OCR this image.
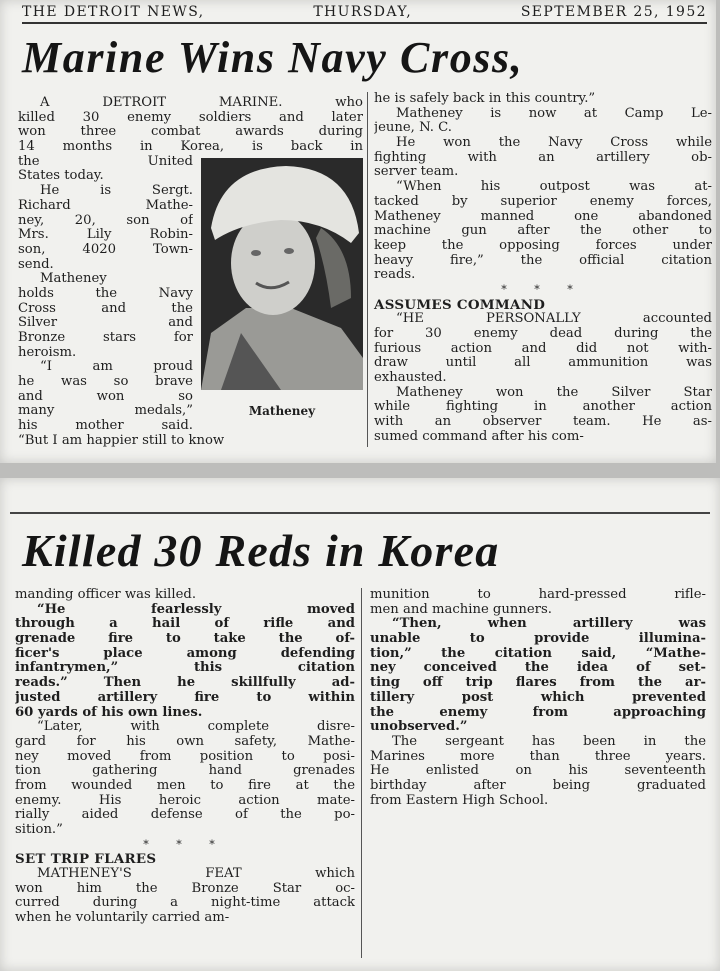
THE DETROIT NEWS,	THURSDAY,	SEPTEMBER 25, 1952
Marine Wins Navy Cross,
A DETROIT MARINE. who
killed 30 enemy soldiers and later
won three combat awards during
14 months in Korea, is back in
Matheney
the United
States today.
He is Sergt.
Richard Mathe-
ney, 20, son of
Mrs. Lily Robin-
son, 4020 Town-
send.
Matheney
holds the Navy
Cross and the
Silver and
Bronze stars for
heroism.
“I am proud
he was so brave
and won so
many medals,”
his mother said.
“But I am happier still to know
he is safely back in this country.”
Matheney is now at Camp Le-
jeune, N. C.
He won the Navy Cross while
fighting with an artillery ob-
server team.
“When his outpost was at-
tacked by superior enemy forces,
Matheney manned one abandoned
machine gun after the other to
keep the opposing forces under
heavy fire,” the official citation
reads.
* * *
ASSUMES COMMAND
“HE PERSONALLY accounted
for 30 enemy dead during the
furious action and did not with-
draw until all ammunition was
exhausted.
Matheney won the Silver Star
while fighting in another action
with an observer team. He as-
sumed command after his com-
Killed 30 Reds in Korea
manding officer was killed.
“He fearlessly moved
through a hail of rifle and
grenade fire to take the of-
ficer's place among defending
infantrymen,” this citation
reads.” Then he skillfully ad-
justed artillery fire to within
60 yards of his own lines.
“Later, with complete disre-
gard for his own safety, Mathe-
ney moved from position to posi-
tion gathering hand grenades
from wounded men to fire at the
enemy. His heroic action mate-
rially aided defense of the po-
sition.”
* * *
SET TRIP FLARES
MATHENEY'S FEAT which
won him the Bronze Star oc-
curred during a night-time attack
when he voluntarily carried am-
munition to hard-pressed rifle-
men and machine gunners.
“Then, when artillery was
unable to provide illumina-
tion,” the citation said, “Mathe-
ney conceived the idea of set-
ting off trip flares from the ar-
tillery post which prevented
the enemy from approaching
unobserved.”
The sergeant has been in the
Marines more than three years.
He enlisted on his seventeenth
birthday after being graduated
from Eastern High School.
